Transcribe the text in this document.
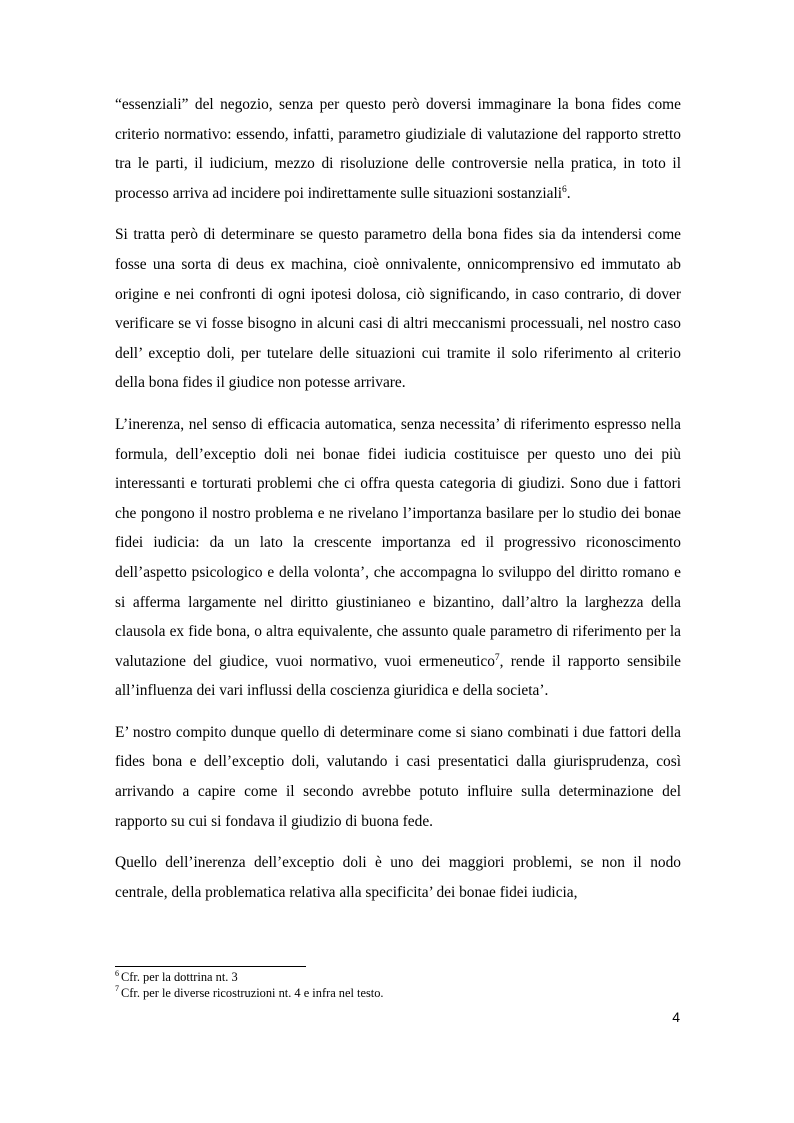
“essenziali” del negozio, senza per questo però doversi immaginare la bona fides come criterio normativo: essendo, infatti, parametro giudiziale di valutazione del rapporto stretto tra le parti, il iudicium, mezzo di risoluzione delle controversie nella pratica, in toto il processo arriva ad incidere poi indirettamente sulle situazioni sostanziali$^6$.

Si tratta però di determinare se questo parametro della bona fides sia da intendersi come fosse una sorta di deus ex machina, cioè onnivalente, onnicomprensivo ed immutato ab origine e nei confronti di ogni ipotesi dolosa, ciò significando, in caso contrario, di dover verificare se vi fosse bisogno in alcuni casi di altri meccanismi processuali, nel nostro caso dell’ exceptio doli, per tutelare delle situazioni cui tramite il solo riferimento al criterio della bona fides il giudice non potesse arrivare.

L’inerenza, nel senso di efficacia automatica, senza necessita’ di riferimento espresso nella formula, dell’exceptio doli nei bonae fidei iudicia costituisce per questo uno dei più interessanti e torturati problemi che ci offra questa categoria di giudizi. Sono due i fattori che pongono il nostro problema e ne rivelano l’importanza basilare per lo studio dei bonae fidei iudicia: da un lato la crescente importanza ed il progressivo riconoscimento dell’aspetto psicologico e della volonta’, che accompagna lo sviluppo del diritto romano e si afferma largamente nel diritto giustinianeo e bizantino, dall’altro la larghezza della clausola ex fide bona, o altra equivalente, che assunto quale parametro di riferimento per la valutazione del giudice, vuoi normativo, vuoi ermeneutico$^7$, rende il rapporto sensibile all’influenza dei vari influssi della coscienza giuridica e della societa’.

E’ nostro compito dunque quello di determinare come si siano combinati i due fattori della fides bona e dell’exceptio doli, valutando i casi presentatici dalla giurisprudenza, così arrivando a capire come il secondo avrebbe potuto influire sulla determinazione del rapporto su cui si fondava il giudizio di buona fede.

Quello dell’inerenza dell’exceptio doli è uno dei maggiori problemi, se non il nodo centrale, della problematica relativa alla specificita’ dei bonae fidei iudicia,

$^6$ Cfr. per la dottrina nt. 3

$^7$ Cfr. per le diverse ricostruzioni nt. 4 e infra nel testo.

4
